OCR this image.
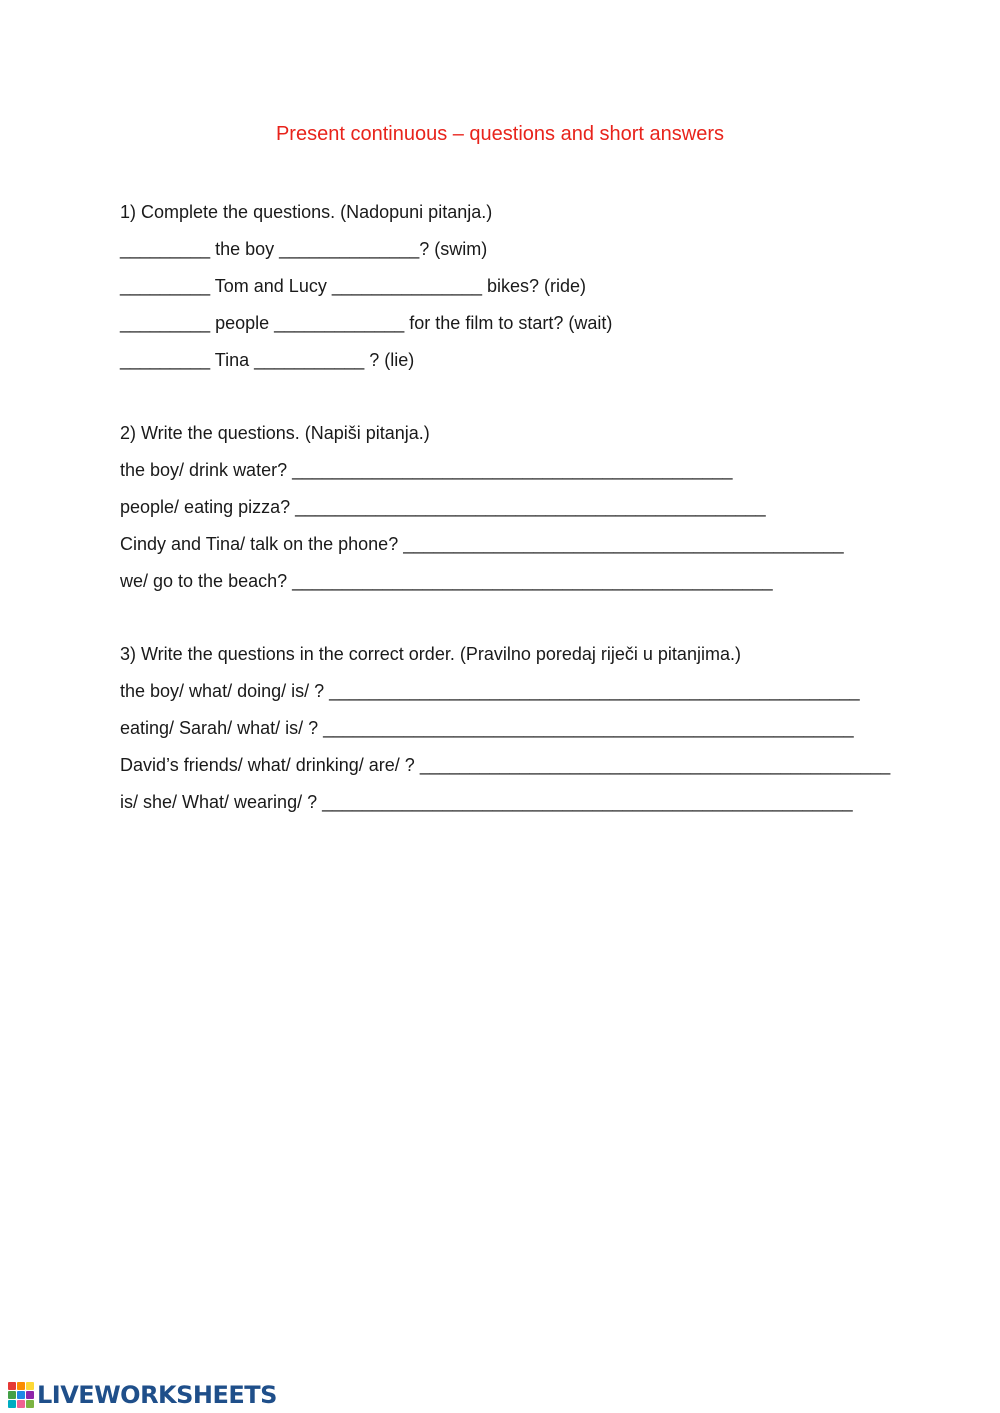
Present continuous – questions and short answers
1) Complete the questions. (Nadopuni pitanja.)
_________ the boy ______________? (swim)
_________ Tom and Lucy _______________ bikes? (ride)
_________ people _____________ for the film to start? (wait)
_________ Tina ___________ ? (lie)
2) Write the questions. (Napiši pitanja.)
the boy/ drink water? ____________________________________________
people/ eating pizza? _______________________________________________
Cindy and Tina/ talk on the phone? ____________________________________________
we/ go to the beach? ________________________________________________
3) Write the questions in the correct order. (Pravilno poredaj riječi u pitanjima.)
the boy/ what/ doing/ is/ ? _____________________________________________________
eating/ Sarah/ what/ is/ ? _____________________________________________________
David’s friends/ what/ drinking/ are/ ? _______________________________________________
is/ she/ What/ wearing/ ? _____________________________________________________
LIVEWORKSHEETS
